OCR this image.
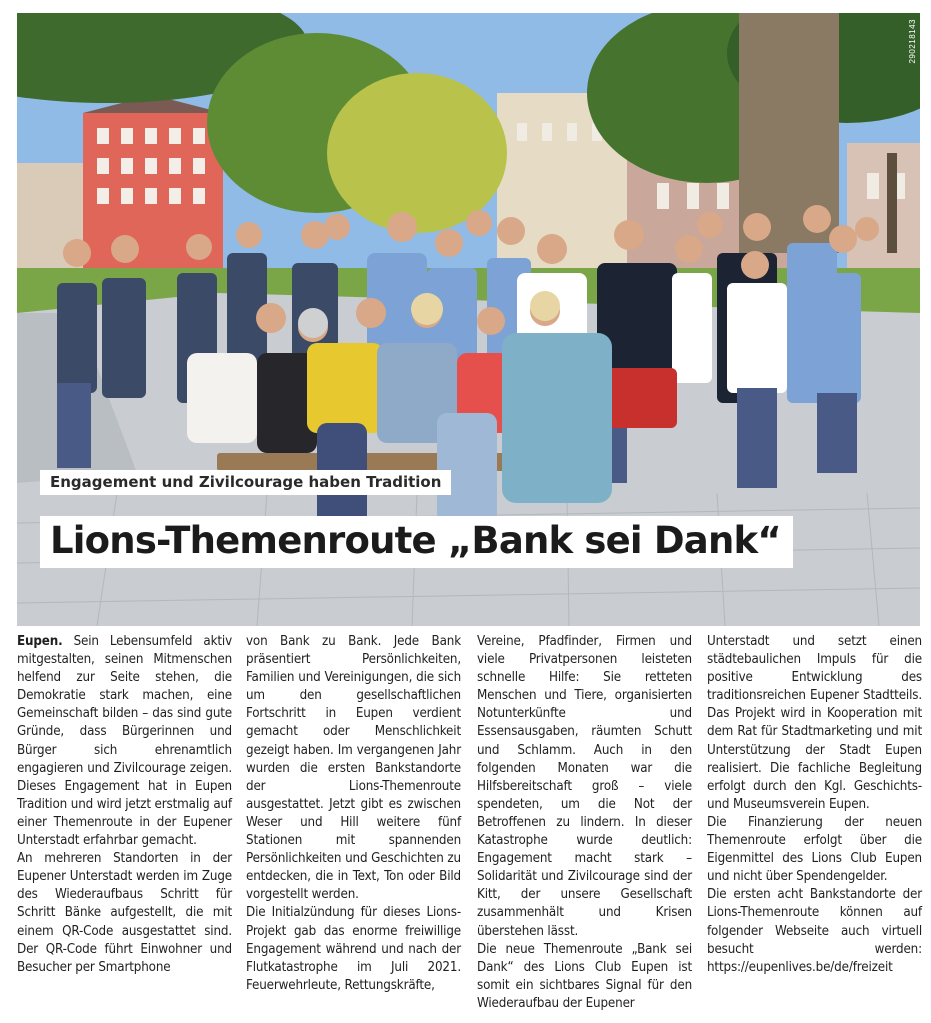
290218143
Engagement und Zivilcourage haben Tradition
Lions-Themenroute „Bank sei Dank“

Eupen. Sein Lebensumfeld aktiv mitgestalten, seinen Mitmenschen helfend zur Seite stehen, die Demokratie stark machen, eine Gemeinschaft bilden – das sind gute Gründe, dass Bürgerinnen und Bürger sich ehrenamtlich engagieren und Zivilcourage zeigen. Dieses Engagement hat in Eupen Tradition und wird jetzt erstmalig auf einer Themenroute in der Eupener Unterstadt erfahrbar gemacht.

An mehreren Standorten in der Eupener Unterstadt werden im Zuge des Wiederaufbaus Schritt für Schritt Bänke aufgestellt, die mit einem QR-Code ausgestattet sind. Der QR-Code führt Einwohner und Besucher per Smartphone

von Bank zu Bank. Jede Bank präsentiert Persönlichkeiten, Familien und Vereinigungen, die sich um den gesellschaftlichen Fortschritt in Eupen verdient gemacht oder Menschlichkeit gezeigt haben. Im vergangenen Jahr wurden die ersten Bankstandorte der Lions-Themenroute ausgestattet. Jetzt gibt es zwischen Weser und Hill weitere fünf Stationen mit spannenden Persönlichkeiten und Geschichten zu entdecken, die in Text, Ton oder Bild vorgestellt werden.

Die Initialzündung für dieses Lions-Projekt gab das enorme freiwillige Engagement während und nach der Flutkatastrophe im Juli 2021. Feuerwehrleute, Rettungskräfte,

Vereine, Pfadfinder, Firmen und viele Privatpersonen leisteten schnelle Hilfe: Sie retteten Menschen und Tiere, organisierten Notunterkünfte und Essensausgaben, räumten Schutt und Schlamm. Auch in den folgenden Monaten war die Hilfsbereitschaft groß – viele spendeten, um die Not der Betroffenen zu lindern. In dieser Katastrophe wurde deutlich: Engagement macht stark – Solidarität und Zivilcourage sind der Kitt, der unsere Gesellschaft zusammenhält und Krisen überstehen lässt.

Die neue Themenroute „Bank sei Dank“ des Lions Club Eupen ist somit ein sichtbares Signal für den Wiederaufbau der Eupener

Unterstadt und setzt einen städtebaulichen Impuls für die positive Entwicklung des traditionsreichen Eupener Stadtteils. Das Projekt wird in Kooperation mit dem Rat für Stadtmarketing und mit Unterstützung der Stadt Eupen realisiert. Die fachliche Begleitung erfolgt durch den Kgl. Geschichts- und Museumsverein Eupen.

Die Finanzierung der neuen Themenroute erfolgt über die Eigenmittel des Lions Club Eupen und nicht über Spendengelder.

Die ersten acht Bankstandorte der Lions-Themenroute können auf folgender Webseite auch virtuell besucht werden: https://eupenlives.be/de/freizeit
